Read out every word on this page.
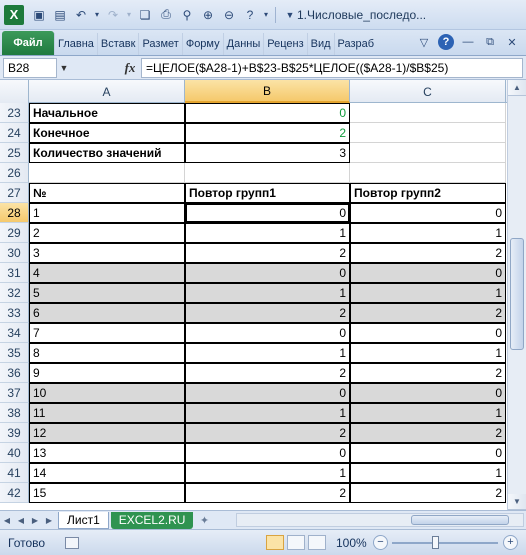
X	▣ ▤ ↶	▾ ↷	▾ ❏ ⎙ ⚲ ⊕ ⊖	?	▾	▼ 1.Числовые_последо...
Файл	Главна Вставк Размет Форму Данны Реценз Вид Разраб	▽	?	—	⧉	✕
B28	▼	fx =ЦЕЛОЕ($A28-1)+B$23-B$25*ЦЕЛОЕ(($A28-1)/$B$25)
A	B	C
23	Начальное	0
24	Конечное	2
25	Количество значений	3
26
27	№	Повтор групп1	Повтор групп2
28	1	0	0
29	2	1	1
30	3	2	2
31	4	0	0
32	5	1	1
33	6	2	2
34	7	0	0
35	8	1	1
36	9	2	2
37	10	0	0
38	11	1	1
39	12	2	2
40	13	0	0
41	14	1	1
42	15	2	2
▲
▼
◀ ◀ ▶ ▶	Лист1	EXCEL2.RU	✦
Готово	100% −	+
